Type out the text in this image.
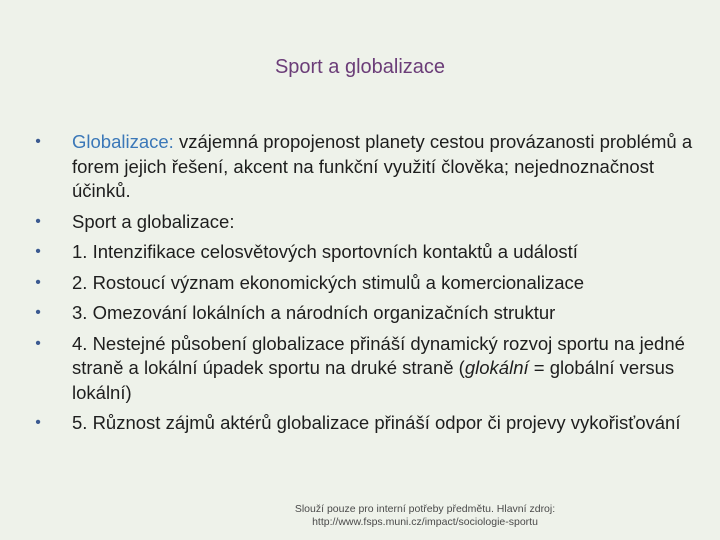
Sport a globalizace
•	Globalizace: vzájemná propojenost planety cestou provázanosti problémů a forem jejich řešení, akcent na funkční využití člověka; nejednoznačnost účinků.
•	Sport a globalizace:
•	1. Intenzifikace celosvětových sportovních kontaktů a událostí
•	2. Rostoucí význam ekonomických stimulů a komercionalizace
•	3. Omezování lokálních a národních organizačních struktur
•	4. Nestejné působení globalizace přináší dynamický rozvoj sportu na jedné straně a lokální úpadek sportu na druké straně (glokální = globální versus lokální)
•	5. Různost zájmů aktérů globalizace přináší odpor či projevy vykořisťování
Slouží pouze pro interní potřeby předmětu. Hlavní zdroj:
http://www.fsps.muni.cz/impact/sociologie-sportu
